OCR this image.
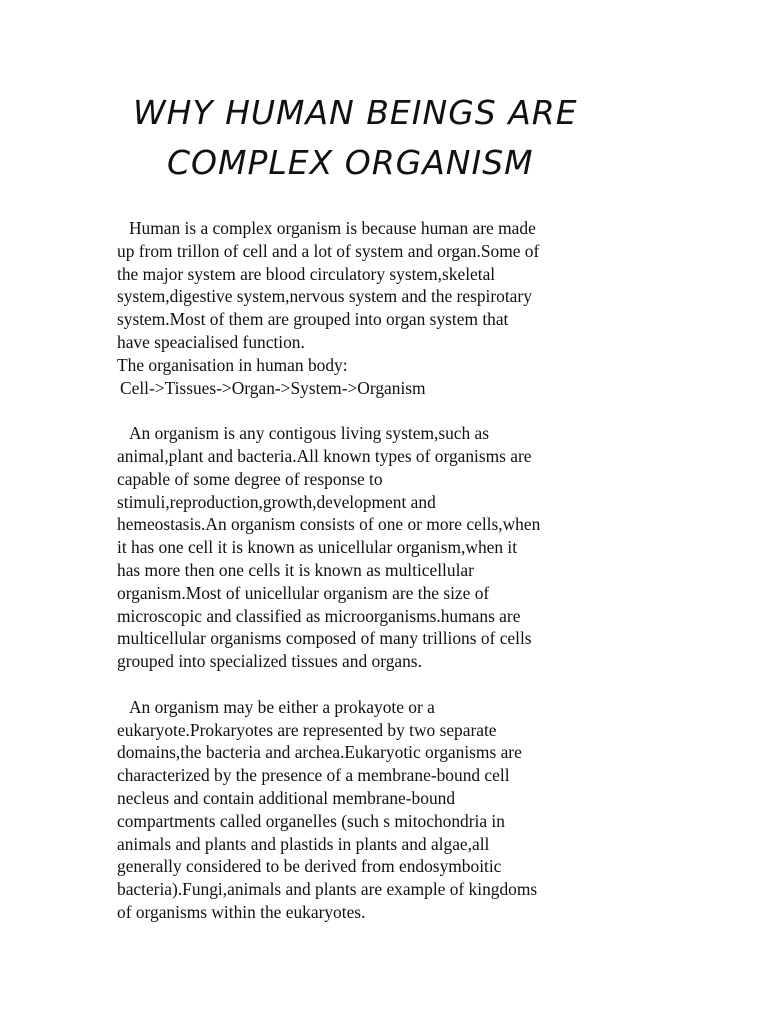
WHY HUMAN BEINGS ARE
COMPLEX ORGANISM

Human is a complex organism is because human are made

up from trillon of cell and a lot of system and organ.Some of

the major system are blood circulatory system,skeletal

system,digestive system,nervous system and the respirotary

system.Most of them are grouped into organ system that

have speacialised function.

The organisation in human body:

Cell->Tissues->Organ->System->Organism

An organism is any contigous living system,such as

animal,plant and bacteria.All known types of organisms are

capable of some degree of response to

stimuli,reproduction,growth,development and

hemeostasis.An organism consists of one or more cells,when

it has one cell it is known as unicellular organism,when it

has more then one cells it is known as multicellular

organism.Most of unicellular organism are the size of

microscopic and classified as microorganisms.humans are

multicellular organisms composed of many trillions of cells

grouped into specialized tissues and organs.

An organism may be either a prokayote or a

eukaryote.Prokaryotes are represented by two separate

domains,the bacteria and archea.Eukaryotic organisms are

characterized by the presence of a membrane-bound cell

necleus and contain additional membrane-bound

compartments called organelles (such s mitochondria in

animals and plants and plastids in plants and algae,all

generally considered to be derived from endosymboitic

bacteria).Fungi,animals and plants are example of kingdoms

of organisms within the eukaryotes.
